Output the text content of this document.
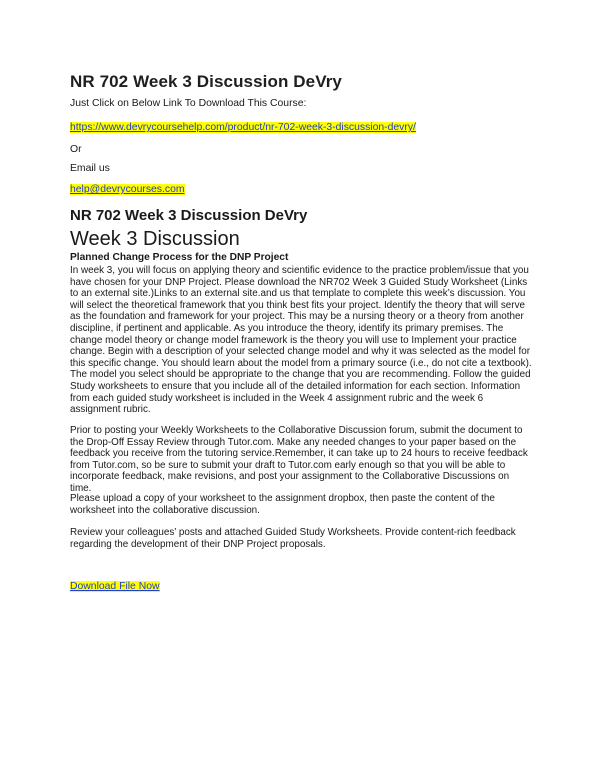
NR 702 Week 3 Discussion DeVry
Just Click on Below Link To Download This Course:
https://www.devrycoursehelp.com/product/nr-702-week-3-discussion-devry/
Or
Email us
help@devrycourses.com
NR 702 Week 3 Discussion DeVry
Week 3 Discussion
Planned Change Process for the DNP Project
In week 3, you will focus on applying theory and scientific evidence to the practice problem/issue that you have chosen for your DNP Project. Please download the NR702 Week 3 Guided Study Worksheet (Links to an external site.)Links to an external site.and us that template to complete this week’s discussion. You will select the theoretical framework that you think best fits your project. Identify the theory that will serve as the foundation and framework for your project. This may be a nursing theory or a theory from another discipline, if pertinent and applicable. As you introduce the theory, identify its primary premises. The change model theory or change model framework is the theory you will use to Implement your practice change. Begin with a description of your selected change model and why it was selected as the model for this specific change. You should learn about the model from a primary source (i.e., do not cite a textbook). The model you select should be appropriate to the change that you are recommending. Follow the guided Study worksheets to ensure that you include all of the detailed information for each section. Information from each guided study worksheet is included in the Week 4 assignment rubric and the week 6 assignment rubric.
Prior to posting your Weekly Worksheets to the Collaborative Discussion forum, submit the document to the Drop-Off Essay Review through Tutor.com. Make any needed changes to your paper based on the feedback you receive from the tutoring service.Remember, it can take up to 24 hours to receive feedback from Tutor.com, so be sure to submit your draft to Tutor.com early enough so that you will be able to incorporate feedback, make revisions, and post your assignment to the Collaborative Discussions on time.
Please upload a copy of your worksheet to the assignment dropbox, then paste the content of the worksheet into the collaborative discussion.
Review your colleagues’ posts and attached Guided Study Worksheets. Provide content-rich feedback regarding the development of their DNP Project proposals.
Download File Now
